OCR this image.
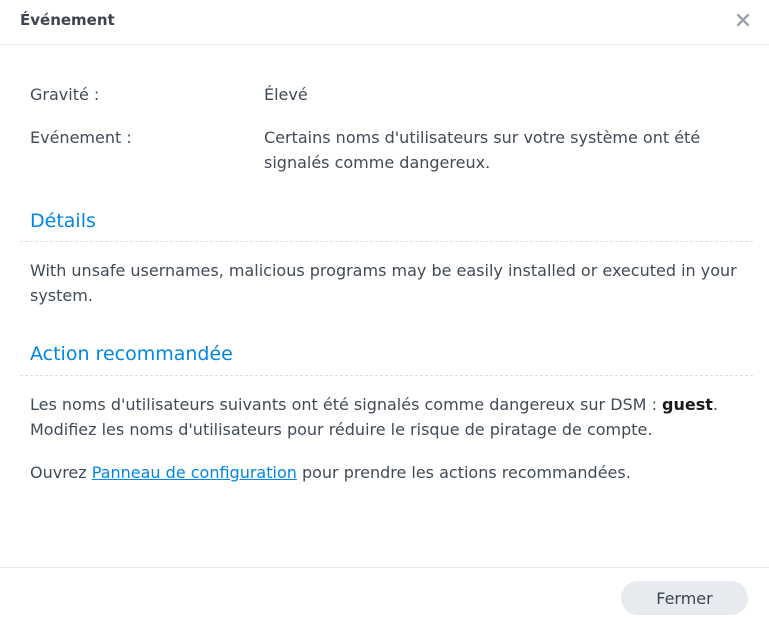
Événement
Gravité :	Élevé
Evénement :	Certains noms d'utilisateurs sur votre système ont été signalés comme dangereux.
Détails
With unsafe usernames, malicious programs may be easily installed or executed in your system.
Action recommandée
Les noms d'utilisateurs suivants ont été signalés comme dangereux sur DSM : guest. Modifiez les noms d'utilisateurs pour réduire le risque de piratage de compte.
Ouvrez Panneau de configuration pour prendre les actions recommandées.
Fermer
